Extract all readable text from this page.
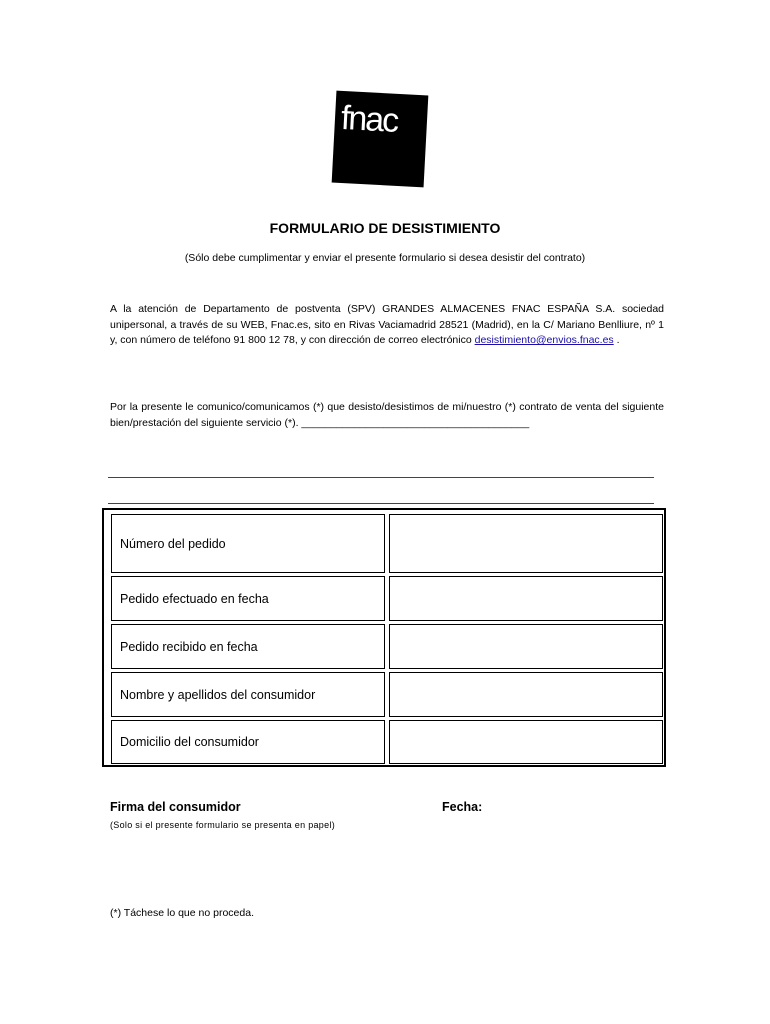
fnac
FORMULARIO DE DESISTIMIENTO
(Sólo debe cumplimentar y enviar el presente formulario si desea desistir del contrato)
A la atención de Departamento de postventa (SPV) GRANDES ALMACENES FNAC ESPAÑA S.A. sociedad unipersonal, a través de su WEB, Fnac.es, sito en Rivas Vaciamadrid 28521 (Madrid), en la C/ Mariano Benlliure, nº 1 y, con número de teléfono 91 800 12 78, y con dirección de correo electrónico desistimiento@envios.fnac.es .
Por la presente le comunico/comunicamos (*) que desisto/desistimos de mi/nuestro (*) contrato de venta del siguiente bien/prestación del siguiente servicio (*). _______________________________________
Número del pedido
Pedido efectuado en fecha
Pedido recibido en fecha
Nombre y apellidos del consumidor
Domicilio del consumidor
Firma del consumidor	Fecha:
(Solo si el presente formulario se presenta en papel)
(*) Táchese lo que no proceda.
